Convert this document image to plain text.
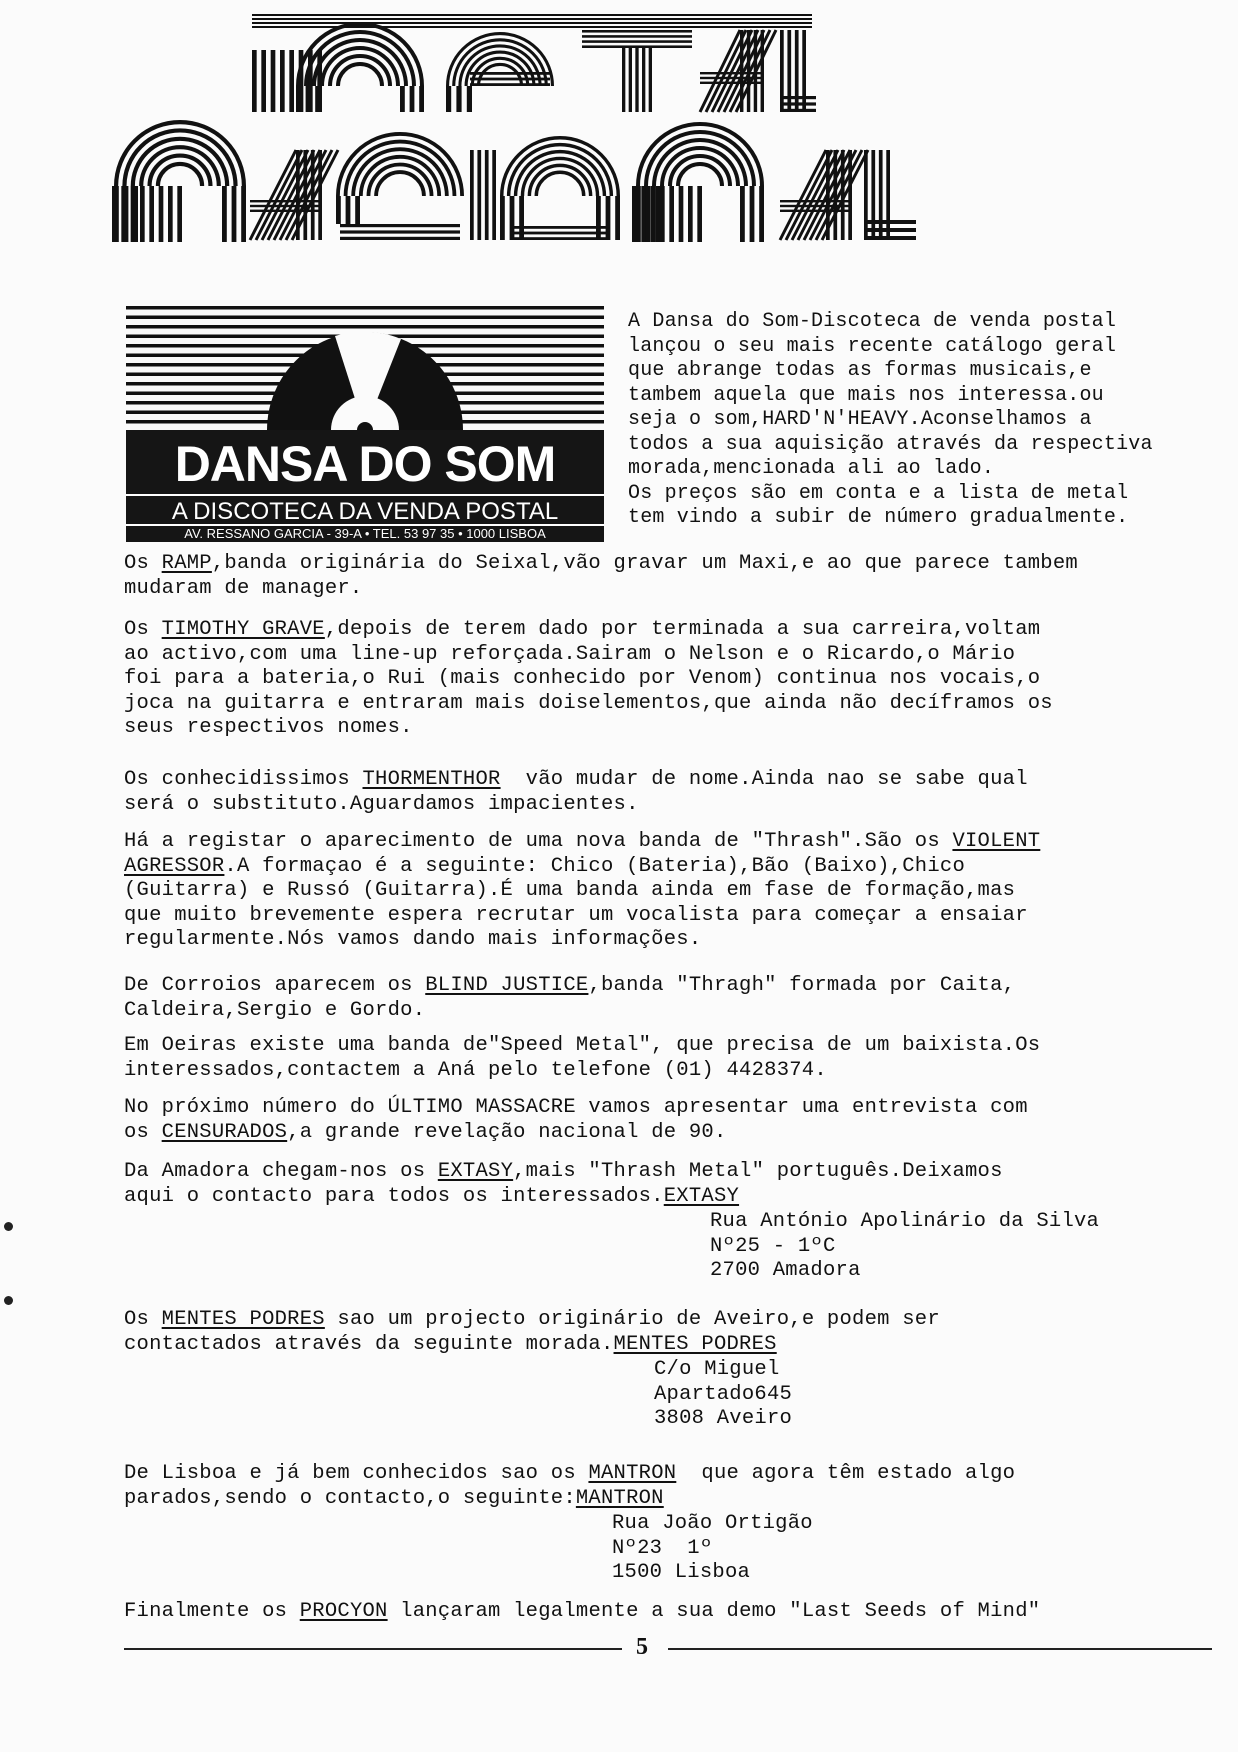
DANSA DO SOM
A DISCOTECA DA VENDA POSTAL
AV. RESSANO GARCIA - 39-A • TEL. 53 97 35 • 1000 LISBOA
A Dansa do Som-Discoteca de venda postal
lançou o seu mais recente catálogo geral
que abrange todas as formas musicais,e
tambem aquela que mais nos interessa.ou
seja o som,HARD'N'HEAVY.Aconselhamos a
todos a sua aquisição através da respectiva
morada,mencionada ali ao lado.
Os preços são em conta e a lista de metal
tem vindo a subir de número gradualmente.

Os RAMP,banda originária do Seixal,vão gravar um Maxi,e ao que parece tambem
mudaram de manager.

Os TIMOTHY GRAVE,depois de terem dado por terminada a sua carreira,voltam
ao activo,com uma line-up reforçada.Sairam o Nelson e o Ricardo,o Mário
foi para a bateria,o Rui (mais conhecido por Venom) continua nos vocais,o
joca na guitarra e entraram mais doiselementos,que ainda não decíframos os
seus respectivos nomes.

Os conhecidissimos THORMENTHOR  vão mudar de nome.Ainda nao se sabe qual
será o substituto.Aguardamos impacientes.

Há a registar o aparecimento de uma nova banda de "Thrash".São os VIOLENT
AGRESSOR.A formaçao é a seguinte: Chico (Bateria),Bão (Baixo),Chico
(Guitarra) e Russó (Guitarra).É uma banda ainda em fase de formação,mas
que muito brevemente espera recrutar um vocalista para começar a ensaiar
regularmente.Nós vamos dando mais informações.

De Corroios aparecem os BLIND JUSTICE,banda "Thragh" formada por Caita,
Caldeira,Sergio e Gordo.

Em Oeiras existe uma banda de"Speed Metal", que precisa de um baixista.Os
interessados,contactem a Aná pelo telefone (01) 4428374.

No próximo número do ÚLTIMO MASSACRE vamos apresentar uma entrevista com
os CENSURADOS,a grande revelação nacional de 90.

Da Amadora chegam-nos os EXTASY,mais "Thrash Metal" português.Deixamos
aqui o contacto para todos os interessados.EXTASY

Rua António Apolinário da Silva
Nº25 - 1ºC
2700 Amadora

Os MENTES PODRES sao um projecto originário de Aveiro,e podem ser
contactados através da seguinte morada.MENTES PODRES

C/o Miguel
Apartado645
3808 Aveiro

De Lisboa e já bem conhecidos sao os MANTRON  que agora têm estado algo
parados,sendo o contacto,o seguinte:MANTRON

Rua João Ortigão
Nº23  1º
1500 Lisboa

Finalmente os PROCYON lançaram legalmente a sua demo "Last Seeds of Mind"

5
